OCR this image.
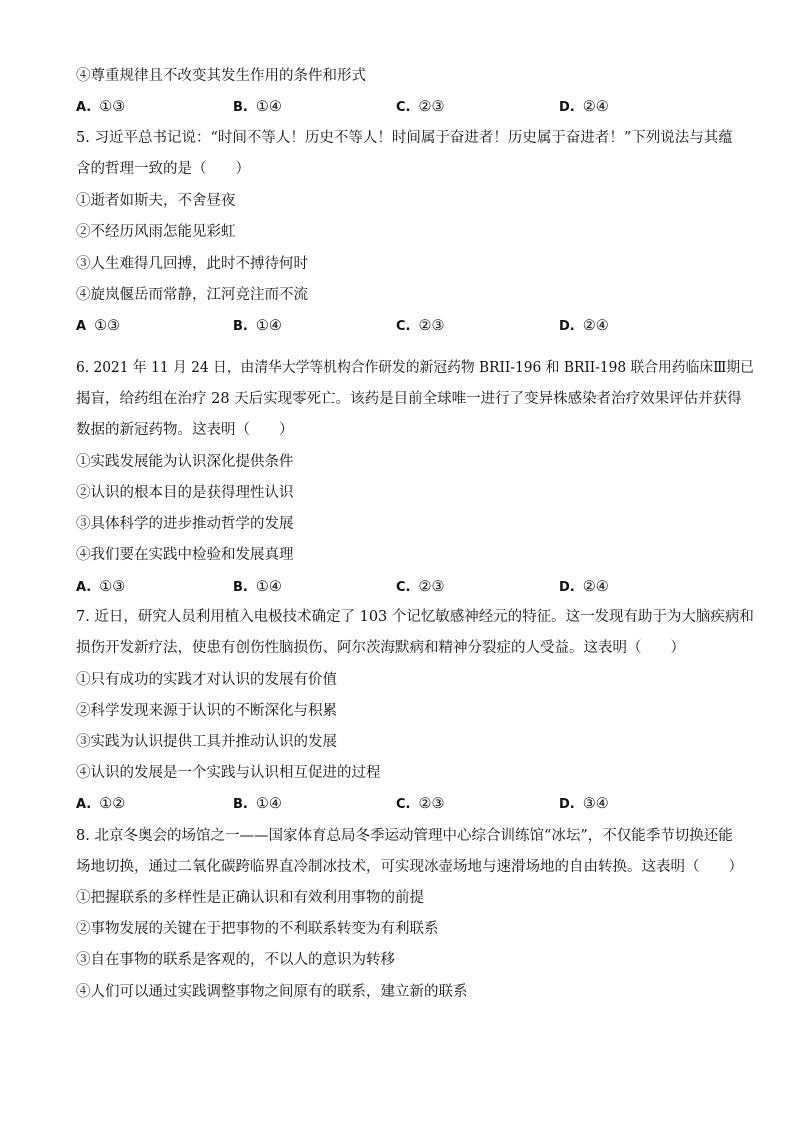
④尊重规律且不改变其发生作用的条件和形式
A. ①③	B. ①④	C. ②③	D. ②④
5. 习近平总书记说：“时间不等人！历史不等人！时间属于奋进者！历史属于奋进者！”下列说法与其蕴
含的哲理一致的是（　　）
①逝者如斯夫，不舍昼夜
②不经历风雨怎能见彩虹
③人生难得几回搏，此时不搏待何时
④旋岚偃岳而常静，江河竞注而不流
A ①③	B. ①④	C. ②③	D. ②④
6. 2021 年 11 月 24 日，由清华大学等机构合作研发的新冠药物 BRII-196 和 BRII-198 联合用药临床Ⅲ期已
揭盲，给药组在治疗 28 天后实现零死亡。该药是目前全球唯一进行了变异株感染者治疗效果评估并获得
数据的新冠药物。这表明（　　）
①实践发展能为认识深化提供条件
②认识的根本目的是获得理性认识
③具体科学的进步推动哲学的发展
④我们要在实践中检验和发展真理
A. ①③	B. ①④	C. ②③	D. ②④
7. 近日，研究人员利用植入电极技术确定了 103 个记忆敏感神经元的特征。这一发现有助于为大脑疾病和
损伤开发新疗法，使患有创伤性脑损伤、阿尔茨海默病和精神分裂症的人受益。这表明（　　）
①只有成功的实践才对认识的发展有价值
②科学发现来源于认识的不断深化与积累
③实践为认识提供工具并推动认识的发展
④认识的发展是一个实践与认识相互促进的过程
A. ①②	B. ①④	C. ②③	D. ③④
8. 北京冬奥会的场馆之一——国家体育总局冬季运动管理中心综合训练馆“冰坛”，不仅能季节切换还能
场地切换，通过二氧化碳跨临界直冷制冰技术，可实现冰壶场地与速滑场地的自由转换。这表明（　　）
①把握联系的多样性是正确认识和有效利用事物的前提
②事物发展的关键在于把事物的不利联系转变为有利联系
③自在事物的联系是客观的，不以人的意识为转移
④人们可以通过实践调整事物之间原有的联系，建立新的联系
